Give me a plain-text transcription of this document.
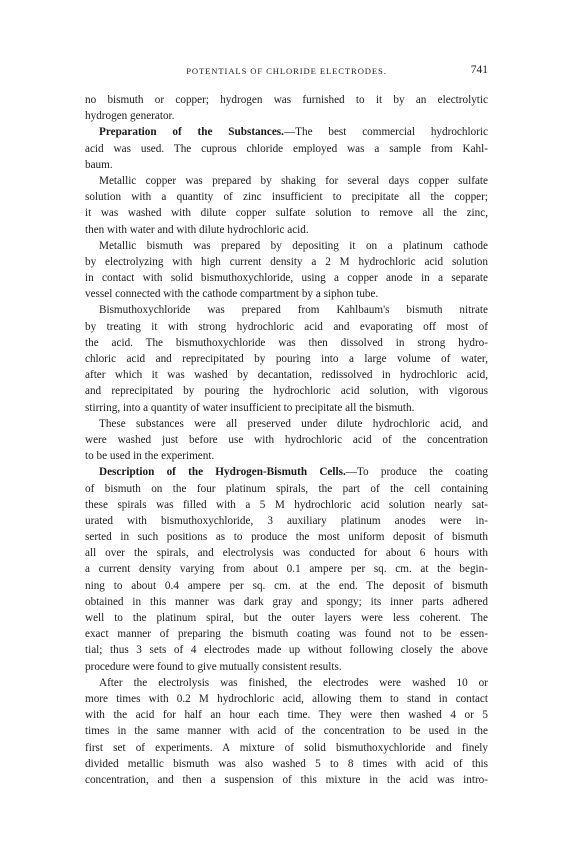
POTENTIALS OF CHLORIDE ELECTRODES.	741
no bismuth or copper; hydrogen was furnished to it by an electrolytic
hydrogen generator.
Preparation of the Substances.—The best commercial hydrochloric
acid was used. The cuprous chloride employed was a sample from Kahl-
baum.
Metallic copper was prepared by shaking for several days copper sulfate
solution with a quantity of zinc insufficient to precipitate all the copper;
it was washed with dilute copper sulfate solution to remove all the zinc,
then with water and with dilute hydrochloric acid.
Metallic bismuth was prepared by depositing it on a platinum cathode
by electrolyzing with high current density a 2 M hydrochloric acid solution
in contact with solid bismuthoxychloride, using a copper anode in a separate
vessel connected with the cathode compartment by a siphon tube.
Bismuthoxychloride was prepared from Kahlbaum's bismuth nitrate
by treating it with strong hydrochloric acid and evaporating off most of
the acid. The bismuthoxychloride was then dissolved in strong hydro-
chloric acid and reprecipitated by pouring into a large volume of water,
after which it was washed by decantation, redissolved in hydrochloric acid,
and reprecipitated by pouring the hydrochloric acid solution, with vigorous
stirring, into a quantity of water insufficient to precipitate all the bismuth.
These substances were all preserved under dilute hydrochloric acid, and
were washed just before use with hydrochloric acid of the concentration
to be used in the experiment.
Description of the Hydrogen-Bismuth Cells.—To produce the coating
of bismuth on the four platinum spirals, the part of the cell containing
these spirals was filled with a 5 M hydrochloric acid solution nearly sat-
urated with bismuthoxychloride, 3 auxiliary platinum anodes were in-
serted in such positions as to produce the most uniform deposit of bismuth
all over the spirals, and electrolysis was conducted for about 6 hours with
a current density varying from about 0.1 ampere per sq. cm. at the begin-
ning to about 0.4 ampere per sq. cm. at the end. The deposit of bismuth
obtained in this manner was dark gray and spongy; its inner parts adhered
well to the platinum spiral, but the outer layers were less coherent. The
exact manner of preparing the bismuth coating was found not to be essen-
tial; thus 3 sets of 4 electrodes made up without following closely the above
procedure were found to give mutually consistent results.
After the electrolysis was finished, the electrodes were washed 10 or
more times with 0.2 M hydrochloric acid, allowing them to stand in contact
with the acid for half an hour each time. They were then washed 4 or 5
times in the same manner with acid of the concentration to be used in the
first set of experiments. A mixture of solid bismuthoxychloride and finely
divided metallic bismuth was also washed 5 to 8 times with acid of this
concentration, and then a suspension of this mixture in the acid was intro-
